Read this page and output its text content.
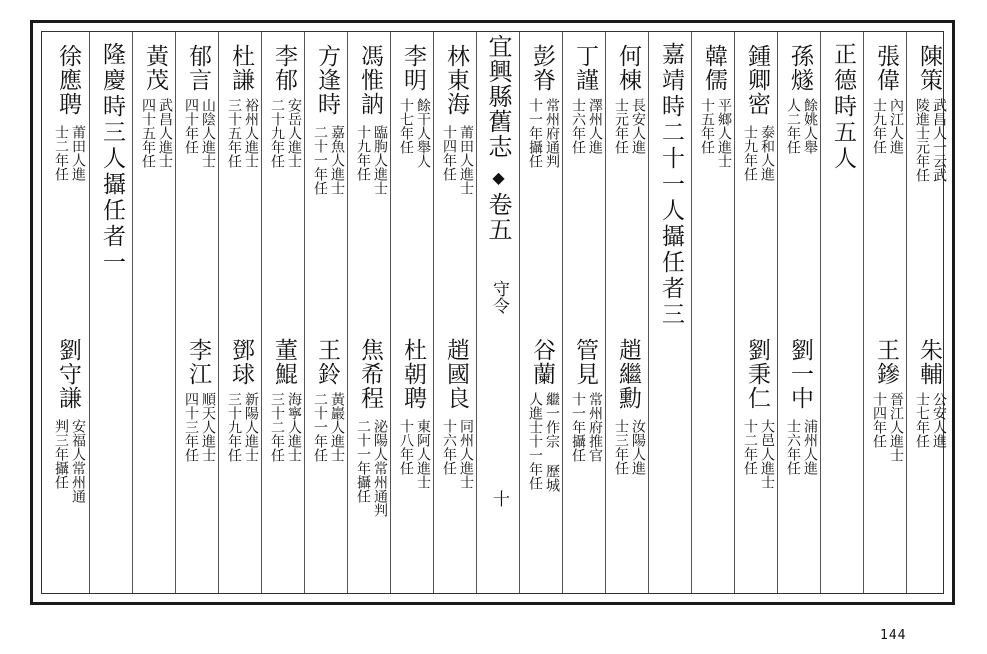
陳策
武昌人一云武陵進士元年任
朱輔
公安人進士七年任
張偉
內江人進士九年任
王鏒
晉江人進士十四年任
正德時五人
孫燧
餘姚人舉人二年任
劉一中
浦州人進士六年任
鍾卿密
泰和人進士九年任
劉秉仁
大邑人進士十二年任
韓儒
平鄉人進士十五年任
嘉靖時二十一人攝任者三
何棟
長安人進士元年任
趙繼勳
汝陽人進士三年任
丁謹
澤州人進士六年任
管見
常州府推官十一年攝任
彭脊
常州府通判十一年攝任
谷蘭
繼一作宗 歷城人進士十一年任
宜興縣舊志
◆
卷五
守令
十
林東海
莆田人進士十四年任
趙國良
同州人進士十六年任
李明
餘干人舉人十七年任
杜朝聘
東阿人進士十八年任
馮惟訥
臨朐人進士十九年任
焦希程
泌陽人常州通判二十一年攝任
方逢時
嘉魚人進士二十一年任
王鈴
黃巖人進士二十一年任
李郁
安岳人進士二十九年任
董鯤
海寧人進士三十二年任
杜謙
裕州人進士三十五年任
鄧球
新陽人進士三十九年任
郁言
山陰人進士四十年任
李江
順天人進士四十三年任
黃茂
武昌人進士四十五年任
隆慶時三人攝任者一
徐應聘
莆田人進士二年任
劉守謙
安福人常州通判三年攝任
144
